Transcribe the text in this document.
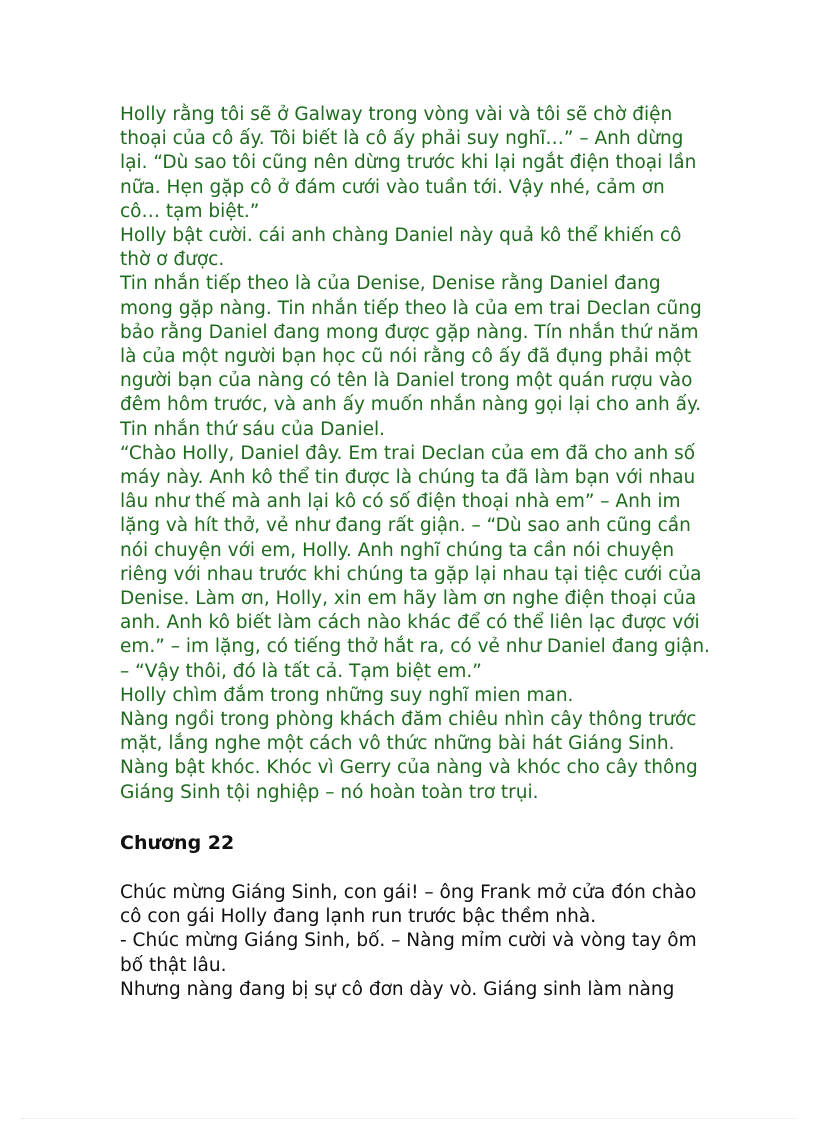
Holly rằng tôi sẽ ở Galway trong vòng vài và tôi sẽ chờ điện thoại của cô ấy. Tôi biết là cô ấy phải suy nghĩ…” – Anh dừng lại. “Dù sao tôi cũng nên dừng trước khi lại ngắt điện thoại lần nữa. Hẹn gặp cô ở đám cưới vào tuần tới. Vậy nhé, cảm ơn cô… tạm biệt.”

Holly bật cười. cái anh chàng Daniel này quả kô thể khiến cô thờ ơ được.

Tin nhắn tiếp theo là của Denise, Denise rằng Daniel đang mong gặp nàng. Tin nhắn tiếp theo là của em trai Declan cũng bảo rằng Daniel đang mong được gặp nàng. Tín nhắn thứ năm là của một người bạn học cũ nói rằng cô ấy đã đụng phải một người bạn của nàng có tên là Daniel trong một quán rượu vào đêm hôm trước, và anh ấy muốn nhắn nàng gọi lại cho anh ấy. Tin nhắn thứ sáu của Daniel.

“Chào Holly, Daniel đây. Em trai Declan của em đã cho anh số máy này. Anh kô thể tin được là chúng ta đã làm bạn với nhau lâu như thế mà anh lại kô có số điện thoại nhà em” – Anh im lặng và hít thở, vẻ như đang rất giận. – “Dù sao anh cũng cần nói chuyện với em, Holly. Anh nghĩ chúng ta cần nói chuyện riêng với nhau trước khi chúng ta gặp lại nhau tại tiệc cưới của Denise. Làm ơn, Holly, xin em hãy làm ơn nghe điện thoại của anh. Anh kô biết làm cách nào khác để có thể liên lạc được với em.” – im lặng, có tiếng thở hắt ra, có vẻ như Daniel đang giận. – “Vậy thôi, đó là tất cả. Tạm biệt em.”

Holly chìm đắm trong những suy nghĩ mien man.

Nàng ngồi trong phòng khách đăm chiêu nhìn cây thông trước mặt, lắng nghe một cách vô thức những bài hát Giáng Sinh. Nàng bật khóc. Khóc vì Gerry của nàng và khóc cho cây thông Giáng Sinh tội nghiệp – nó hoàn toàn trơ trụi.

Chương 22

Chúc mừng Giáng Sinh, con gái! – ông Frank mở cửa đón chào cô con gái Holly đang lạnh run trước bậc thềm nhà.

- Chúc mừng Giáng Sinh, bố. – Nàng mỉm cười và vòng tay ôm bố thật lâu.

Nhưng nàng đang bị sự cô đơn dày vò. Giáng sinh làm nàng
